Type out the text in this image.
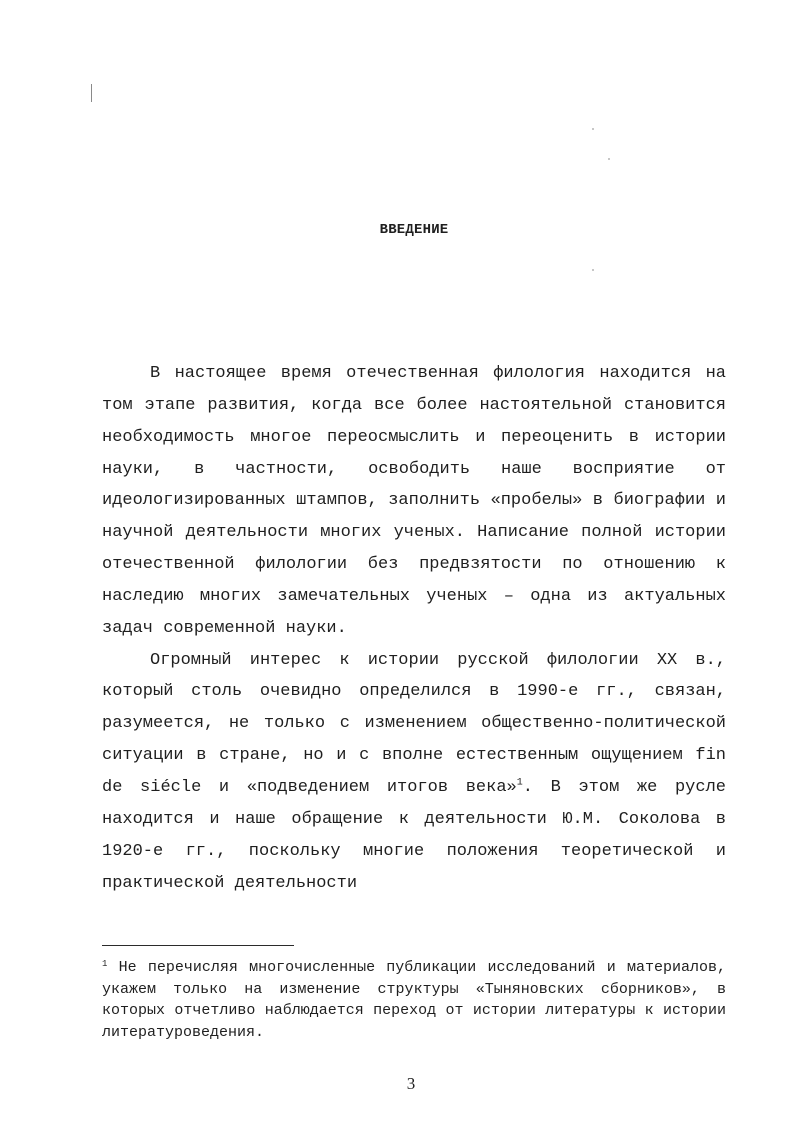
ВВЕДЕНИЕ

В настоящее время отечественная филология находится на том этапе развития, когда все более настоятельной становится необходимость многое переосмыслить и переоценить в истории науки, в частности, освободить наше восприятие от идеологизированных штампов, заполнить «пробелы» в биографии и научной деятельности многих ученых. Написание полной истории отечественной филологии без предвзятости по отношению к наследию многих замечательных ученых – одна из актуальных задач современной науки.

Огромный интерес к истории русской филологии XX в., который столь очевидно определился в 1990-е гг., связан, разумеется, не только с изменением общественно-политической ситуации в стране, но и с вполне естественным ощущением fin de siécle и «подведением итогов века»$^1$. В этом же русле находится и наше обращение к деятельности Ю.М. Соколова в 1920-е гг., поскольку многие положения теоретической и практической деятельности

$^1$ Не перечисляя многочисленные публикации исследований и материалов, укажем только на изменение структуры «Тыняновских сборников», в которых отчетливо наблюдается переход от истории литературы к истории литературоведения.
3
